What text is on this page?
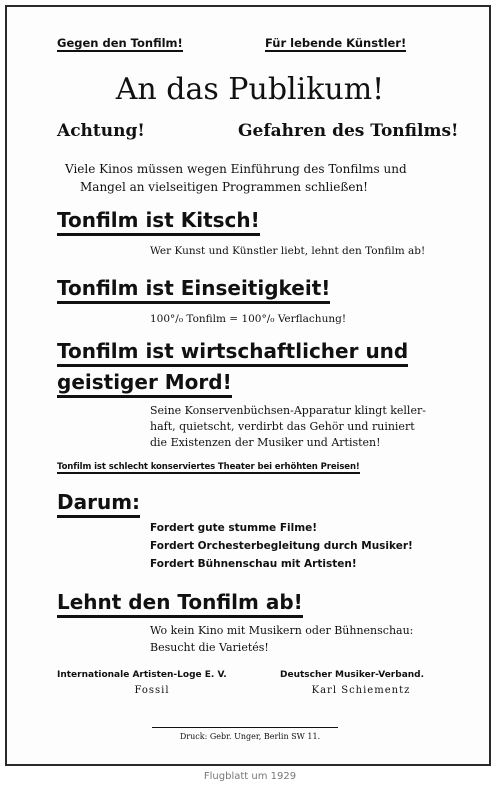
Gegen den Tonfilm!	Für lebende Künstler!
An das Publikum!
Achtung!	Gefahren des Tonfilms!
Viele Kinos müssen wegen Einführung des Tonfilms und
Mangel an vielseitigen Programmen schließen!
Tonfilm ist Kitsch!
Wer Kunst und Künstler liebt, lehnt den Tonfilm ab!
Tonfilm ist Einseitigkeit!
100°/₀ Tonfilm = 100°/₀ Verflachung!
Tonfilm ist wirtschaftlicher und
geistiger Mord!
Seine Konservenbüchsen-Apparatur klingt keller-
haft, quietscht, verdirbt das Gehör und ruiniert
die Existenzen der Musiker und Artisten!
Tonfilm ist schlecht konserviertes Theater bei erhöhten Preisen!
Darum:
Fordert gute stumme Filme!
Fordert Orchesterbegleitung durch Musiker!
Fordert Bühnenschau mit Artisten!
Lehnt den Tonfilm ab!
Wo kein Kino mit Musikern oder Bühnenschau:
Besucht die Varietés!
Internationale Artisten-Loge E. V.
Fossil
Deutscher Musiker-Verband.
Karl Schiementz
Druck: Gebr. Unger, Berlin SW 11.
Flugblatt um 1929
